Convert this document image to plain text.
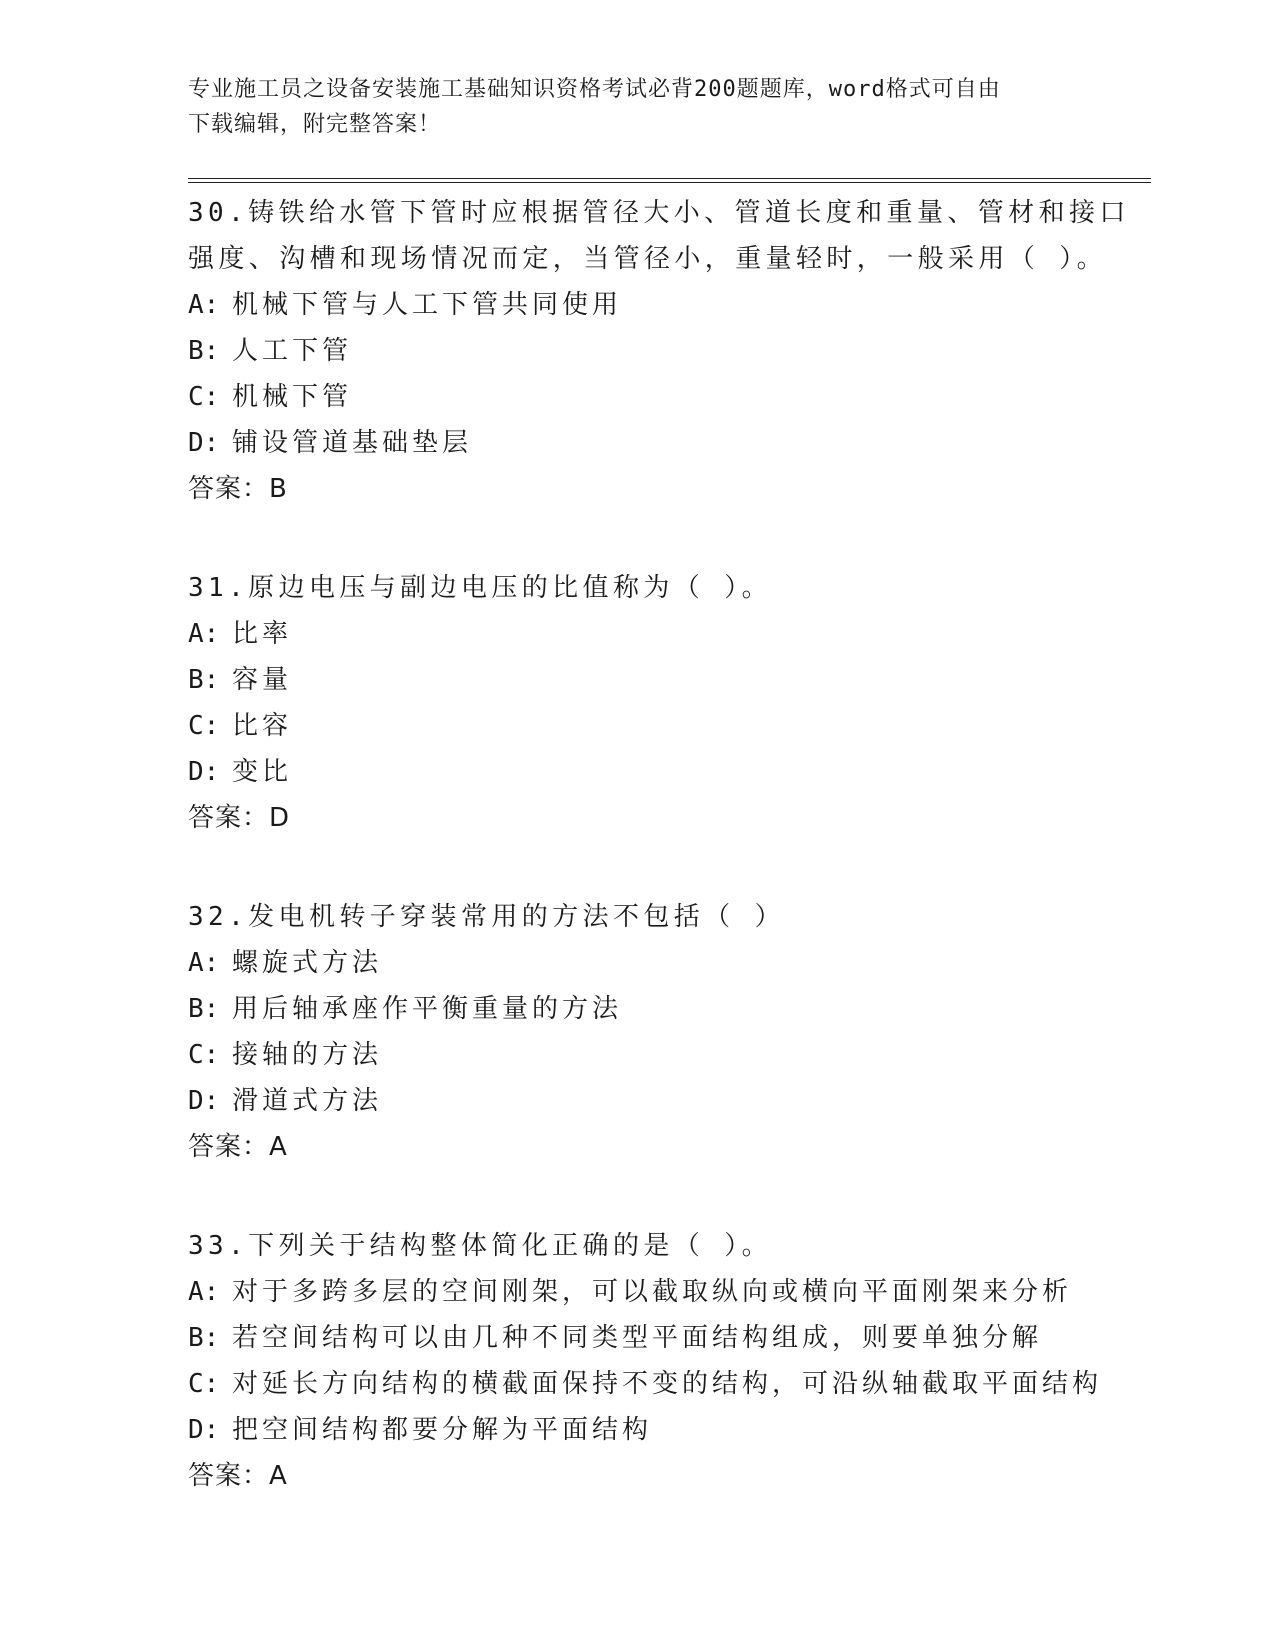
专业施工员之设备安装施工基础知识资格考试必背200题题库，word格式可自由
下载编辑，附完整答案！
30.铸铁给水管下管时应根据管径大小、管道长度和重量、管材和接口
强度、沟槽和现场情况而定，当管径小，重量轻时，一般采用（ ）。
A: 机械下管与人工下管共同使用
B: 人工下管
C: 机械下管
D: 铺设管道基础垫层
答案：B
31.原边电压与副边电压的比值称为（ ）。
A: 比率
B: 容量
C: 比容
D: 变比
答案：D
32.发电机转子穿装常用的方法不包括（ ）
A: 螺旋式方法
B: 用后轴承座作平衡重量的方法
C: 接轴的方法
D: 滑道式方法
答案：A
33.下列关于结构整体简化正确的是（ ）。
A: 对于多跨多层的空间刚架，可以截取纵向或横向平面刚架来分析
B: 若空间结构可以由几种不同类型平面结构组成，则要单独分解
C: 对延长方向结构的横截面保持不变的结构，可沿纵轴截取平面结构
D: 把空间结构都要分解为平面结构
答案：A
